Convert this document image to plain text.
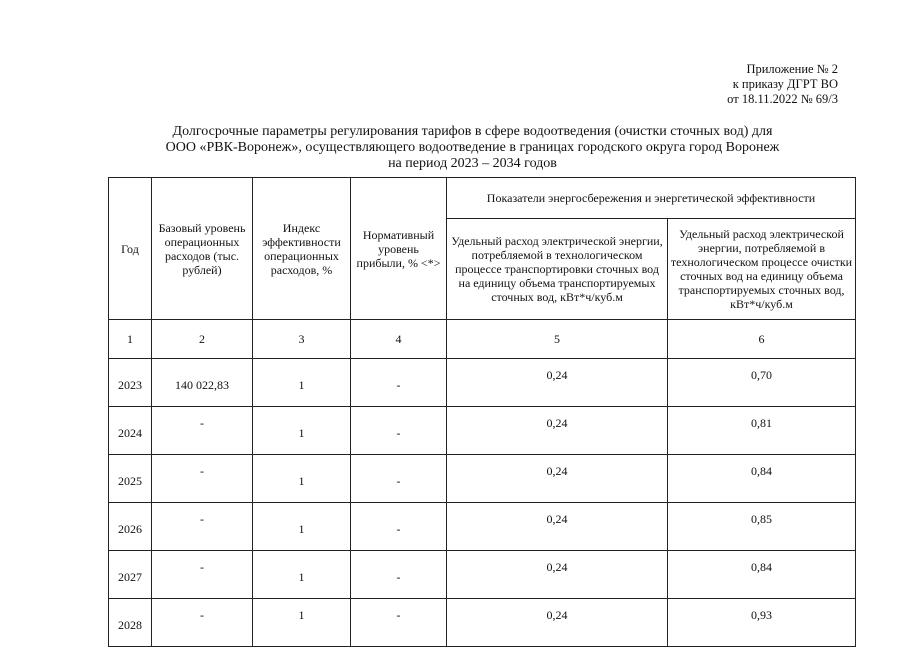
Приложение № 2
к приказу ДГРТ ВО
от 18.11.2022 № 69/3
Долгосрочные параметры регулирования тарифов в сфере водоотведения (очистки сточных вод) для
ООО «РВК-Воронеж», осуществляющего водоотведение в границах городского округа город Воронеж
на период 2023 – 2034 годов
Год	Базовый уровень операционных расходов (тыс. рублей)	Индекс эффективности операционных расходов, %	Нормативный уровень прибыли, % <*>	Показатели энергосбережения и энергетической эффективности	
				Удельный расход электрической энергии, потребляемой в технологическом процессе транспортировки сточных вод на единицу объема транспортируемых сточных вод, кВт*ч/куб.м	Удельный расход электрической энергии, потребляемой в технологическом процессе очистки сточных вод на единицу объема транспортируемых сточных вод, кВт*ч/куб.м
1	2	3	4	5	6
2023	140 022,83	1	-	0,24	0,70
2024	-	1	-	0,24	0,81
2025	-	1	-	0,24	0,84
2026	-	1	-	0,24	0,85
2027	-	1	-	0,24	0,84
2028	-	1	-	0,24	0,93
